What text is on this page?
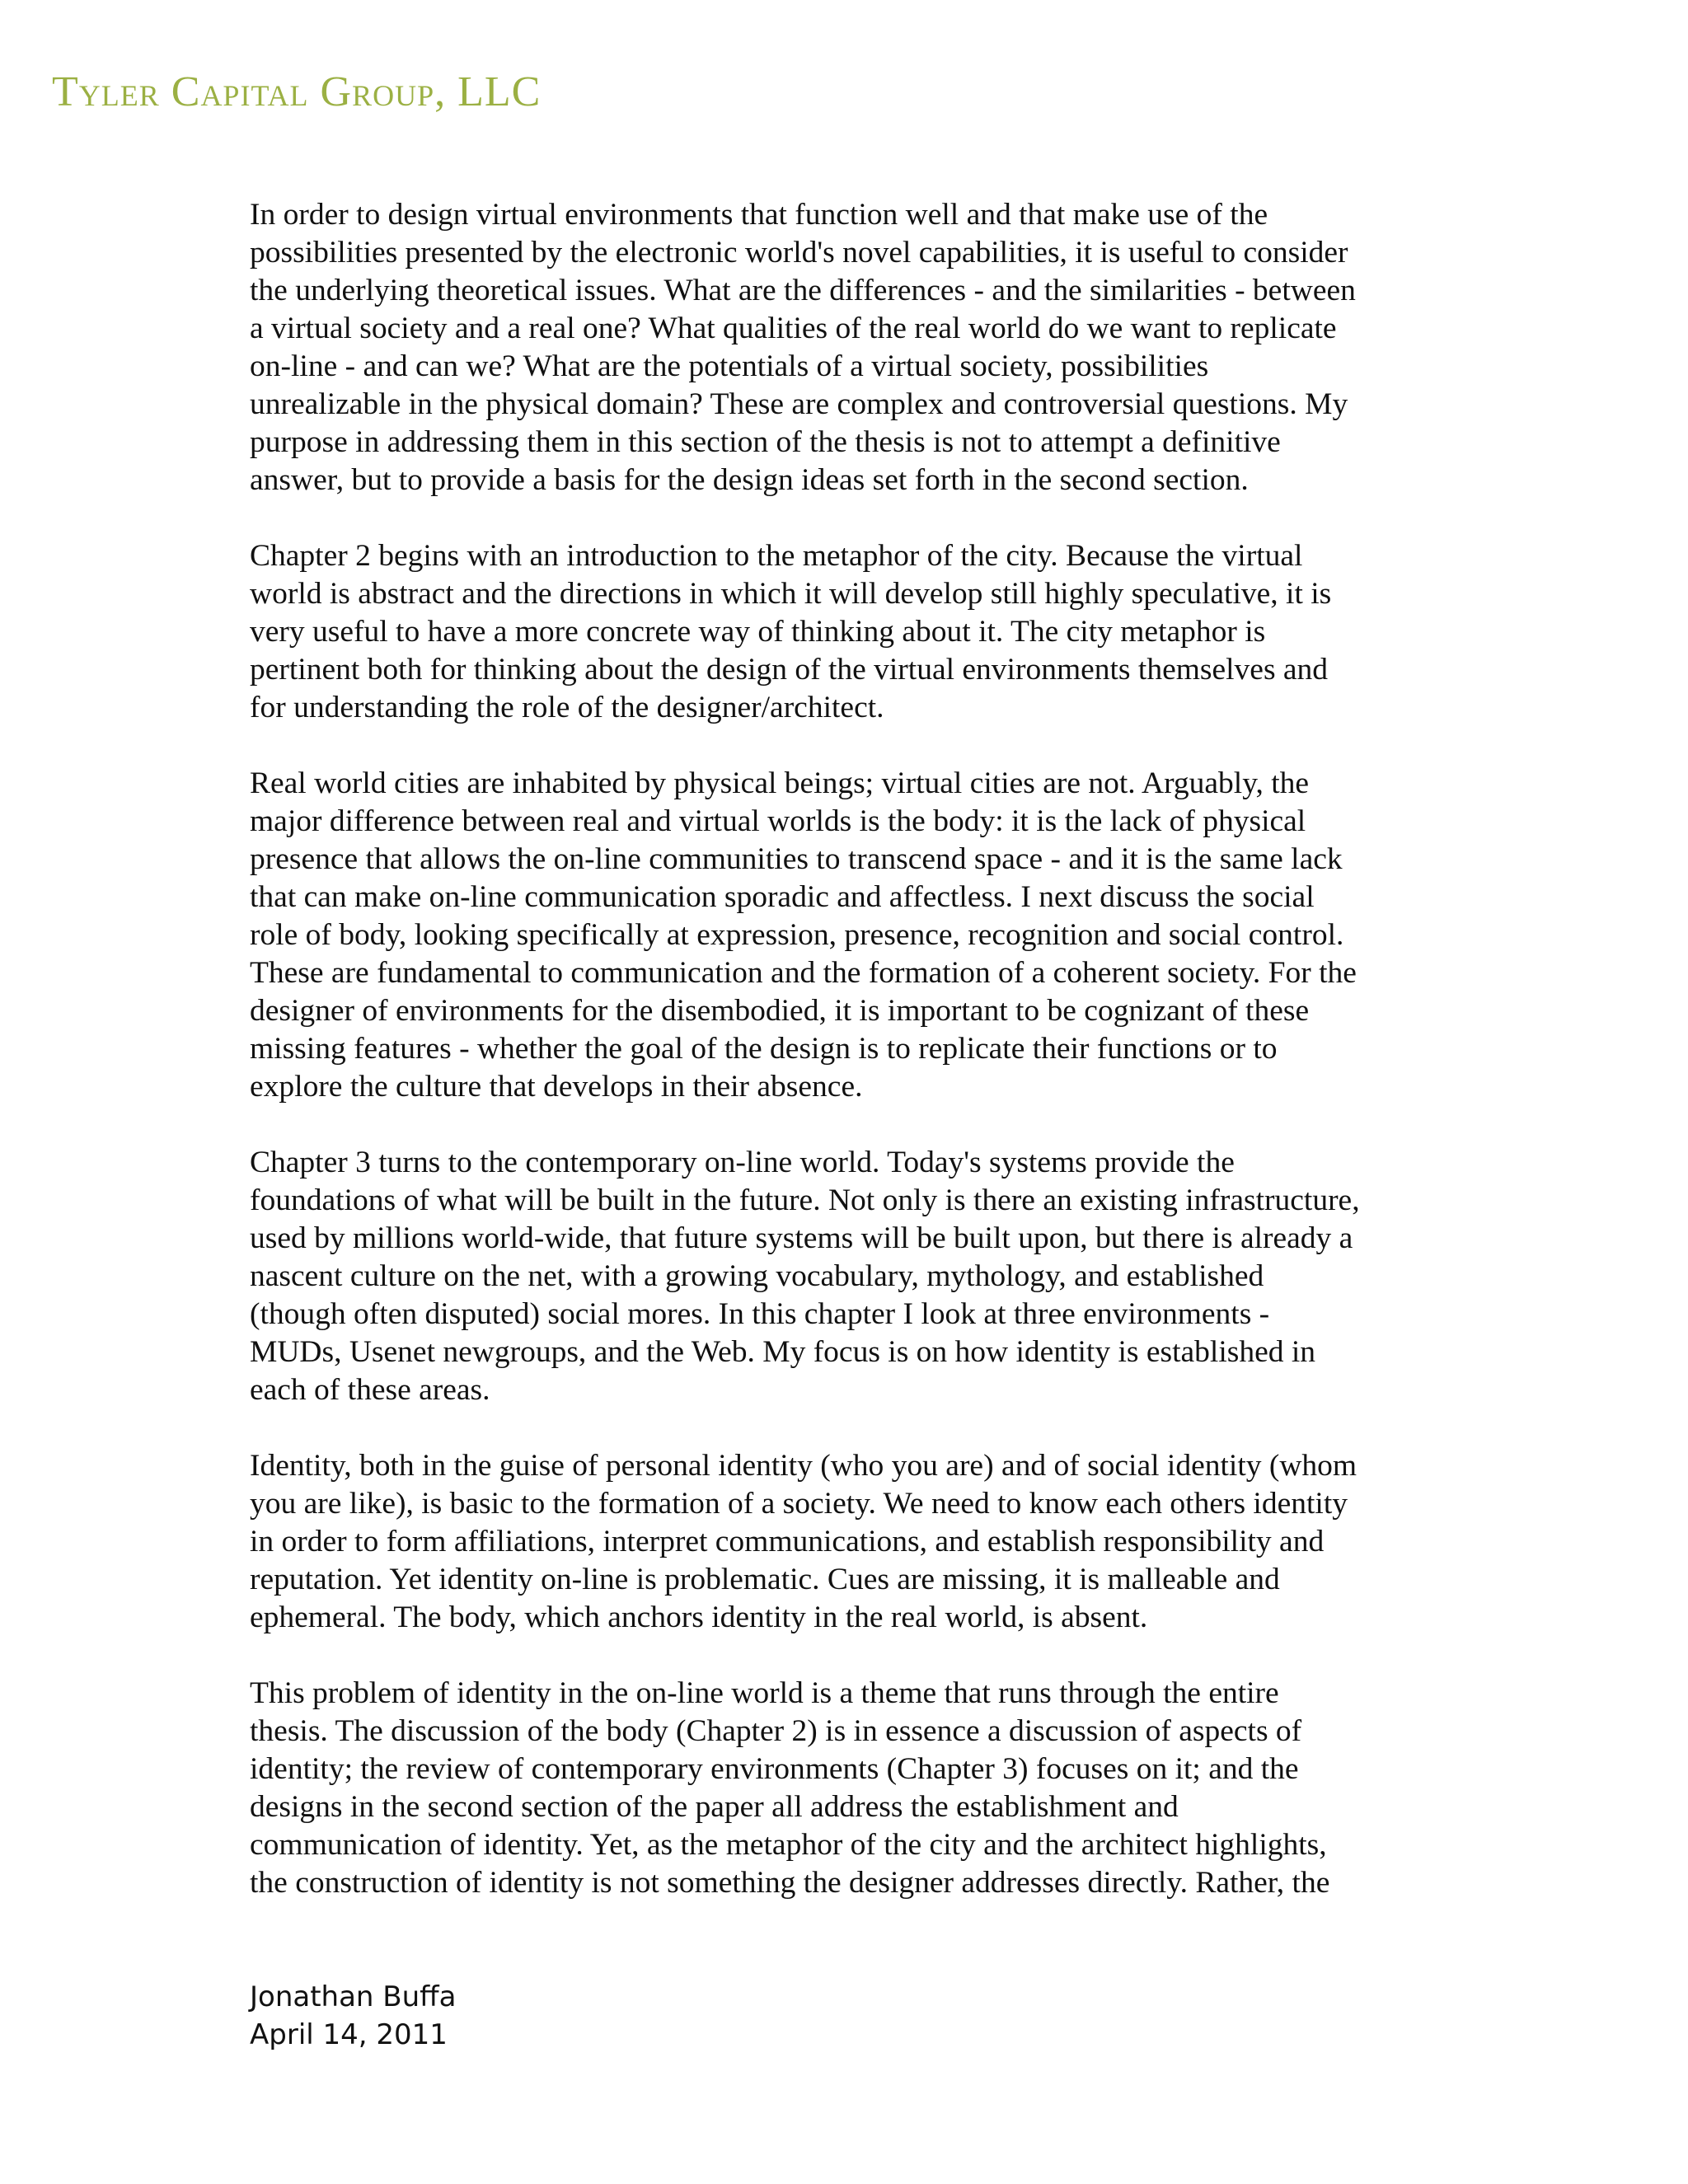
Tyler Capital Group, LLC

In order to design virtual environments that function well and that make use of the
possibilities presented by the electronic world's novel capabilities, it is useful to consider
the underlying theoretical issues. What are the differences - and the similarities - between
a virtual society and a real one? What qualities of the real world do we want to replicate
on-line - and can we? What are the potentials of a virtual society, possibilities
unrealizable in the physical domain? These are complex and controversial questions. My
purpose in addressing them in this section of the thesis is not to attempt a definitive
answer, but to provide a basis for the design ideas set forth in the second section.

Chapter 2 begins with an introduction to the metaphor of the city. Because the virtual
world is abstract and the directions in which it will develop still highly speculative, it is
very useful to have a more concrete way of thinking about it. The city metaphor is
pertinent both for thinking about the design of the virtual environments themselves and
for understanding the role of the designer/architect.

Real world cities are inhabited by physical beings; virtual cities are not. Arguably, the
major difference between real and virtual worlds is the body: it is the lack of physical
presence that allows the on-line communities to transcend space - and it is the same lack
that can make on-line communication sporadic and affectless. I next discuss the social
role of body, looking specifically at expression, presence, recognition and social control.
These are fundamental to communication and the formation of a coherent society. For the
designer of environments for the disembodied, it is important to be cognizant of these
missing features - whether the goal of the design is to replicate their functions or to
explore the culture that develops in their absence.

Chapter 3 turns to the contemporary on-line world. Today's systems provide the
foundations of what will be built in the future. Not only is there an existing infrastructure,
used by millions world-wide, that future systems will be built upon, but there is already a
nascent culture on the net, with a growing vocabulary, mythology, and established
(though often disputed) social mores. In this chapter I look at three environments -
MUDs, Usenet newgroups, and the Web. My focus is on how identity is established in
each of these areas.

Identity, both in the guise of personal identity (who you are) and of social identity (whom
you are like), is basic to the formation of a society. We need to know each others identity
in order to form affiliations, interpret communications, and establish responsibility and
reputation. Yet identity on-line is problematic. Cues are missing, it is malleable and
ephemeral. The body, which anchors identity in the real world, is absent.

This problem of identity in the on-line world is a theme that runs through the entire
thesis. The discussion of the body (Chapter 2) is in essence a discussion of aspects of
identity; the review of contemporary environments (Chapter 3) focuses on it; and the
designs in the second section of the paper all address the establishment and
communication of identity. Yet, as the metaphor of the city and the architect highlights,
the construction of identity is not something the designer addresses directly. Rather, the

Jonathan Buffa
April 14, 2011
